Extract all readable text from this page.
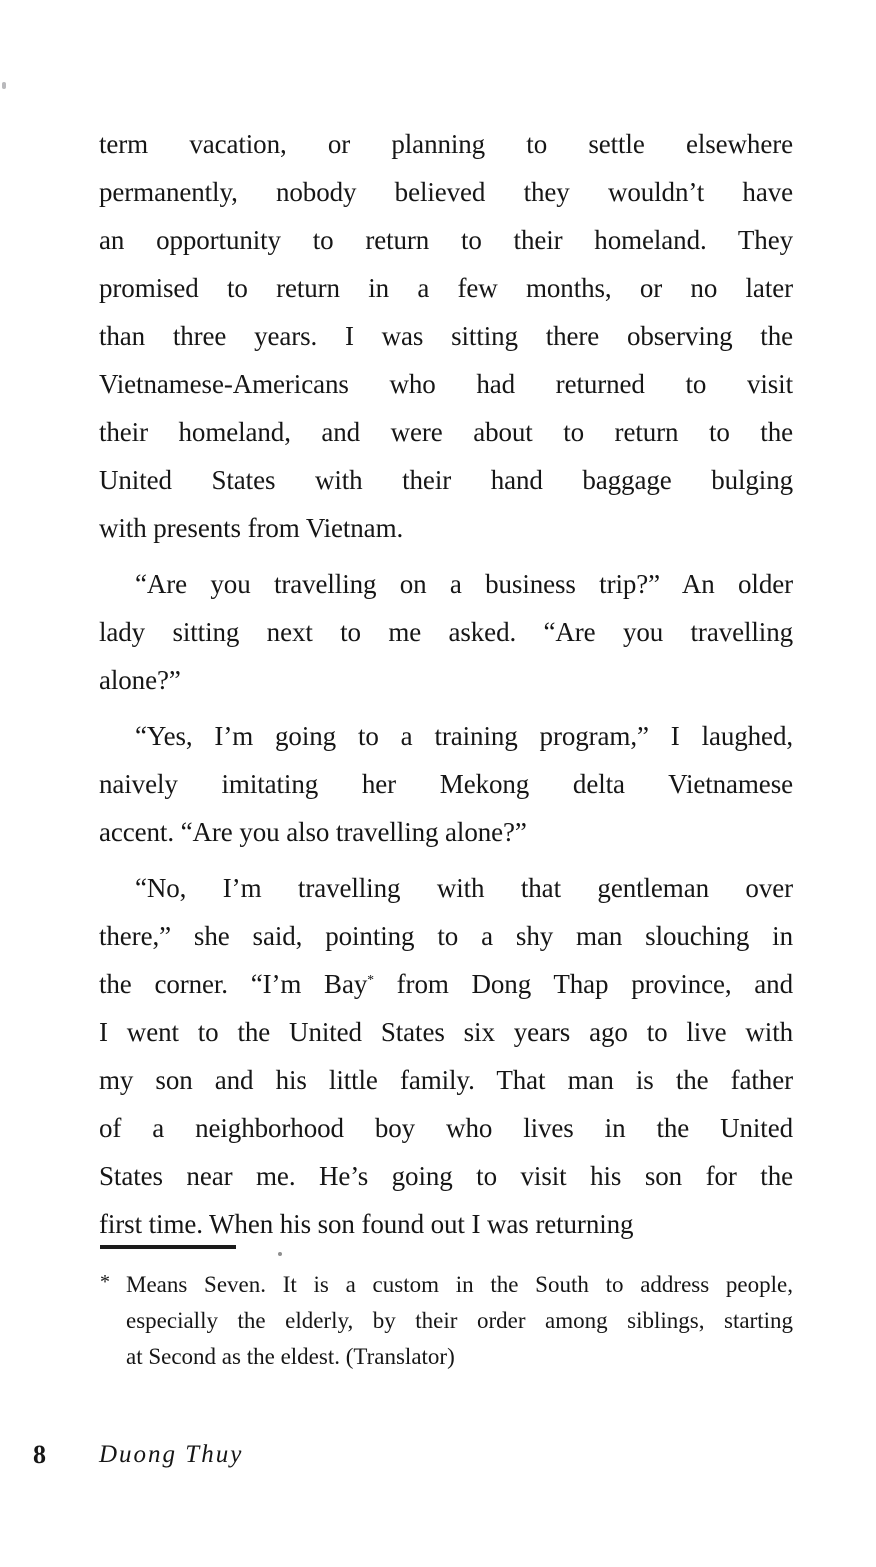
term vacation, or planning to settle elsewhere
permanently, nobody believed they wouldn’t have
an opportunity to return to their homeland. They
promised to return in a few months, or no later
than three years. I was sitting there observing the
Vietnamese-Americans who had returned to visit
their homeland, and were about to return to the
United States with their hand baggage bulging
with presents from Vietnam.
“Are you travelling on a business trip?” An older
lady sitting next to me asked. “Are you travelling
alone?”
“Yes, I’m going to a training program,” I laughed,
naively imitating her Mekong delta Vietnamese
accent. “Are you also travelling alone?”
“No, I’m travelling with that gentleman over
there,” she said, pointing to a shy man slouching in
the corner. “I’m Bay* from Dong Thap province, and
I went to the United States six years ago to live with
my son and his little family. That man is the father
of a neighborhood boy who lives in the United
States near me. He’s going to visit his son for the
first time. When his son found out I was returning
* Means Seven. It is a custom in the South to address people,
especially the elderly, by their order among siblings, starting
at Second as the eldest. (Translator)
8 Duong Thuy
